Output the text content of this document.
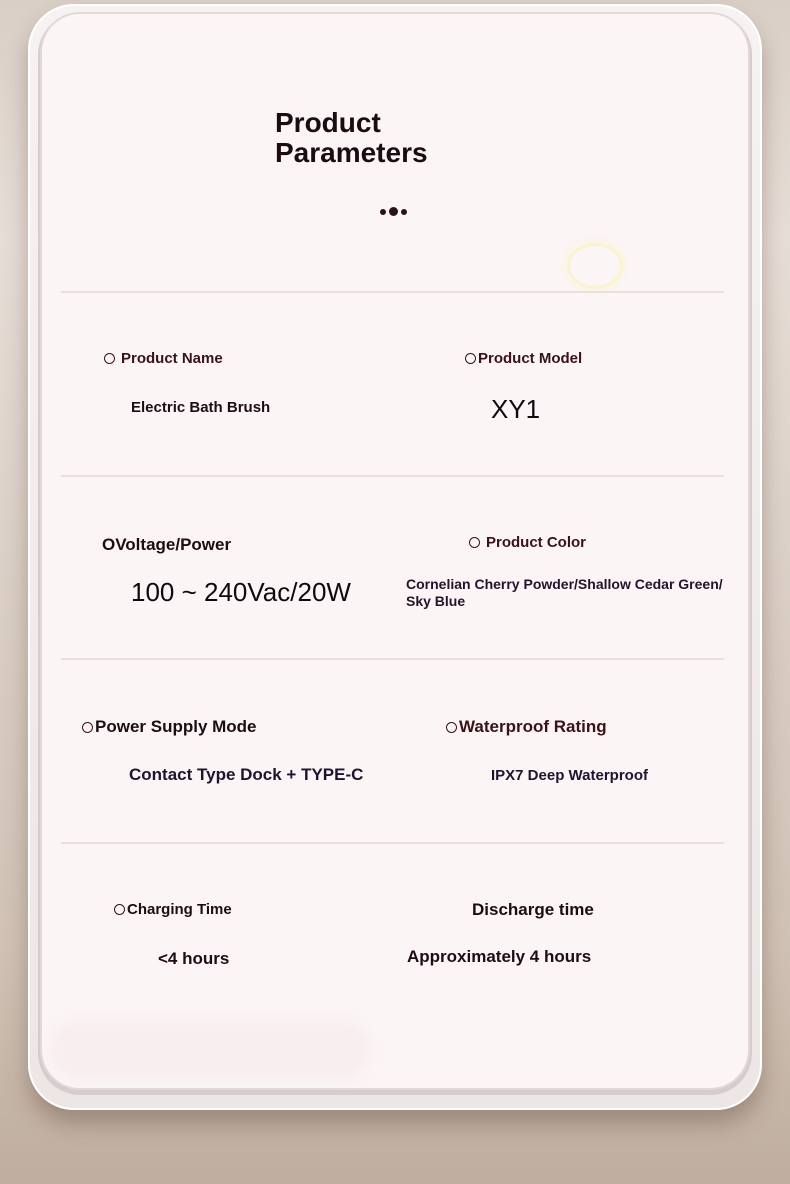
Product Parameters
Product Name
Electric Bath Brush
Product Model
XY1
OVoltage/Power
100 ~ 240Vac/20W
Product Color
Cornelian Cherry Powder/Shallow Cedar Green/ Sky Blue
Power Supply Mode
Contact Type Dock + TYPE-C
Waterproof Rating
IPX7 Deep Waterproof
Charging Time
<4 hours
Discharge time
Approximately 4 hours
